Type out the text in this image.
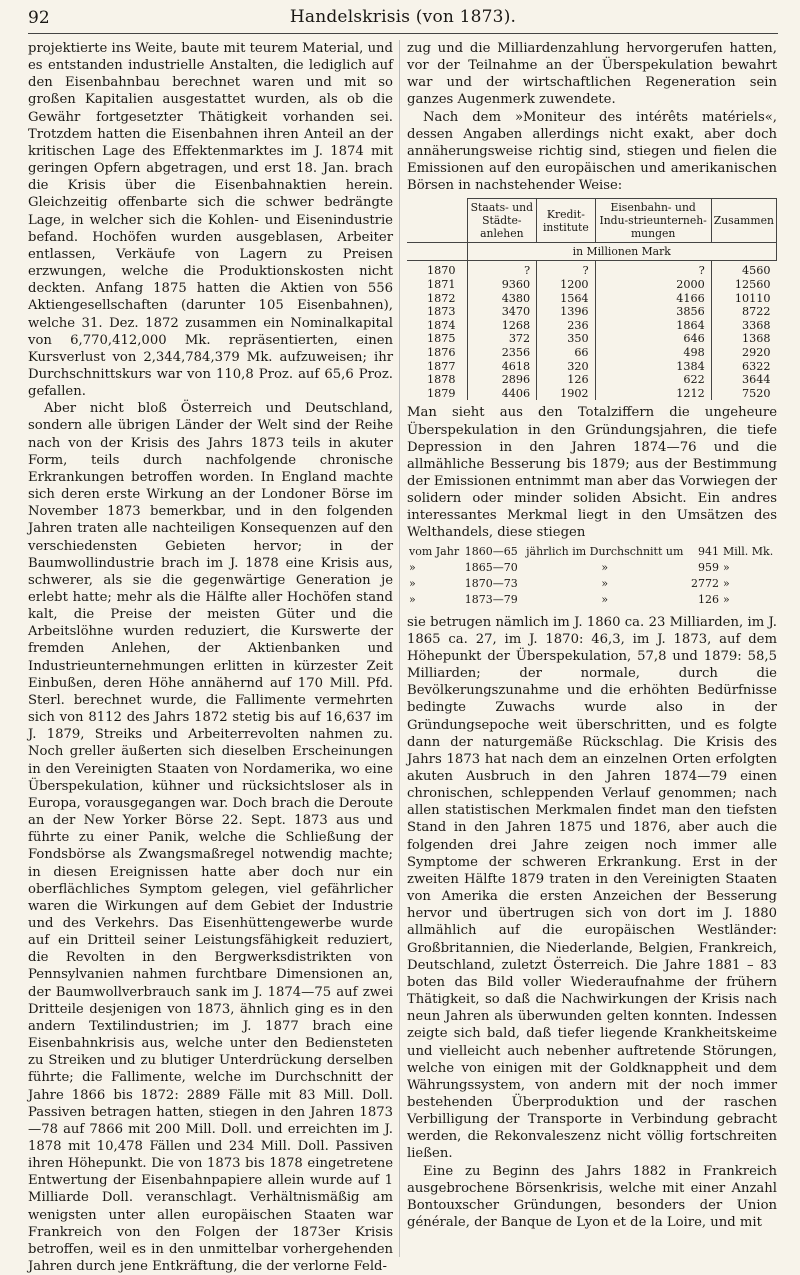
92	Handelskrisis (von 1873).

projektierte ins Weite, baute mit teurem Material, und es entstanden industrielle Anstalten, die lediglich auf den Eisenbahnbau berechnet waren und mit so großen Kapitalien ausgestattet wurden, als ob die Gewähr fortgesetzter Thätigkeit vorhanden sei. Trotzdem hatten die Eisenbahnen ihren Anteil an der kritischen Lage des Effektenmarktes im J. 1874 mit geringen Opfern abgetragen, und erst 18. Jan. brach die Krisis über die Eisenbahnaktien herein. Gleichzeitig offenbarte sich die schwer bedrängte Lage, in welcher sich die Kohlen- und Eisenindustrie befand. Hochöfen wurden ausgeblasen, Arbeiter entlassen, Verkäufe von Lagern zu Preisen erzwungen, welche die Produktionskosten nicht deckten. Anfang 1875 hatten die Aktien von 556 Aktiengesellschaften (darunter 105 Eisenbahnen), welche 31. Dez. 1872 zusammen ein Nominalkapital von 6,770,412,000 Mk. repräsentierten, einen Kursverlust von 2,344,784,379 Mk. aufzuweisen; ihr Durchschnittskurs war von 110,8 Proz. auf 65,6 Proz. gefallen.

Aber nicht bloß Österreich und Deutschland, sondern alle übrigen Länder der Welt sind der Reihe nach von der Krisis des Jahrs 1873 teils in akuter Form, teils durch nachfolgende chronische Erkrankungen betroffen worden. In England machte sich deren erste Wirkung an der Londoner Börse im November 1873 bemerkbar, und in den folgenden Jahren traten alle nachteiligen Konsequenzen auf den verschiedensten Gebieten hervor; in der Baumwollindustrie brach im J. 1878 eine Krisis aus, schwerer, als sie die gegenwärtige Generation je erlebt hatte; mehr als die Hälfte aller Hochöfen stand kalt, die Preise der meisten Güter und die Arbeitslöhne wurden reduziert, die Kurswerte der fremden Anlehen, der Aktienbanken und Industrieunternehmungen erlitten in kürzester Zeit Einbußen, deren Höhe annähernd auf 170 Mill. Pfd. Sterl. berechnet wurde, die Fallimente vermehrten sich von 8112 des Jahrs 1872 stetig bis auf 16,637 im J. 1879, Streiks und Arbeiterrevolten nahmen zu. Noch greller äußerten sich dieselben Erscheinungen in den Vereinigten Staaten von Nordamerika, wo eine Überspekulation, kühner und rücksichtsloser als in Europa, vorausgegangen war. Doch brach die Deroute an der New Yorker Börse 22. Sept. 1873 aus und führte zu einer Panik, welche die Schließung der Fondsbörse als Zwangsmaßregel notwendig machte; in diesen Ereignissen hatte aber doch nur ein oberflächliches Symptom gelegen, viel gefährlicher waren die Wirkungen auf dem Gebiet der Industrie und des Verkehrs. Das Eisenhüttengewerbe wurde auf ein Dritteil seiner Leistungsfähigkeit reduziert, die Revolten in den Bergwerksdistrikten von Pennsylvanien nahmen furchtbare Dimensionen an, der Baumwollverbrauch sank im J. 1874—75 auf zwei Dritteile desjenigen von 1873, ähnlich ging es in den andern Textilindustrien; im J. 1877 brach eine Eisenbahnkrisis aus, welche unter den Bediensteten zu Streiken und zu blutiger Unterdrückung derselben führte; die Fallimente, welche im Durchschnitt der Jahre 1866 bis 1872: 2889 Fälle mit 83 Mill. Doll. Passiven betragen hatten, stiegen in den Jahren 1873—78 auf 7866 mit 200 Mill. Doll. und erreichten im J. 1878 mit 10,478 Fällen und 234 Mill. Doll. Passiven ihren Höhepunkt. Die von 1873 bis 1878 eingetretene Entwertung der Eisenbahnpapiere allein wurde auf 1 Milliarde Doll. veranschlagt. Verhältnismäßig am wenigsten unter allen europäischen Staaten war Frankreich von den Folgen der 1873er Krisis betroffen, weil es in den unmittelbar vorhergehenden Jahren durch jene Entkräftung, die der verlorne Feld-

zug und die Milliardenzahlung hervorgerufen hatten, vor der Teilnahme an der Überspekulation bewahrt war und der wirtschaftlichen Regeneration sein ganzes Augenmerk zuwendete.

Nach dem »Moniteur des intérêts matériels«, dessen Angaben allerdings nicht exakt, aber doch annäherungsweise richtig sind, stiegen und fielen die Emissionen auf den europäischen und amerikanischen Börsen in nachstehender Weise:

	Staats- und Städte-anlehen	Kredit-institute	Eisenbahn- und Indu-strieunterneh-mungen	Zusammen
	in Millionen Mark			
1870	?	?	?	4560
1871	9360	1200	2000	12560
1872	4380	1564	4166	10110
1873	3470	1396	3856	8722
1874	1268	236	1864	3368
1875	372	350	646	1368
1876	2356	66	498	2920
1877	4618	320	1384	6322
1878	2896	126	622	3644
1879	4406	1902	1212	7520

Man sieht aus den Totalziffern die ungeheure Überspekulation in den Gründungsjahren, die tiefe Depression in den Jahren 1874—76 und die allmähliche Besserung bis 1879; aus der Bestimmung der Emissionen entnimmt man aber das Vorwiegen der solidern oder minder soliden Absicht. Ein andres interessantes Merkmal liegt in den Umsätzen des Welthandels, diese stiegen

vom Jahr	1860—65	jährlich im Durchschnitt um	941	Mill. Mk.
»	1865—70	»	959	»
»	1870—73	»	2772	»
»	1873—79	»	126	»

sie betrugen nämlich im J. 1860 ca. 23 Milliarden, im J. 1865 ca. 27, im J. 1870: 46,3, im J. 1873, auf dem Höhepunkt der Überspekulation, 57,8 und 1879: 58,5 Milliarden; der normale, durch die Bevölkerungszunahme und die erhöhten Bedürfnisse bedingte Zuwachs wurde also in der Gründungsepoche weit überschritten, und es folgte dann der naturgemäße Rückschlag. Die Krisis des Jahrs 1873 hat nach dem an einzelnen Orten erfolgten akuten Ausbruch in den Jahren 1874—79 einen chronischen, schleppenden Verlauf genommen; nach allen statistischen Merkmalen findet man den tiefsten Stand in den Jahren 1875 und 1876, aber auch die folgenden drei Jahre zeigen noch immer alle Symptome der schweren Erkrankung. Erst in der zweiten Hälfte 1879 traten in den Vereinigten Staaten von Amerika die ersten Anzeichen der Besserung hervor und übertrugen sich von dort im J. 1880 allmählich auf die europäischen Westländer: Großbritannien, die Niederlande, Belgien, Frankreich, Deutschland, zuletzt Österreich. Die Jahre 1881 – 83 boten das Bild voller Wiederaufnahme der frühern Thätigkeit, so daß die Nachwirkungen der Krisis nach neun Jahren als überwunden gelten konnten. Indessen zeigte sich bald, daß tiefer liegende Krankheitskeime und vielleicht auch nebenher auftretende Störungen, welche von einigen mit der Goldknappheit und dem Währungssystem, von andern mit der noch immer bestehenden Überproduktion und der raschen Verbilligung der Transporte in Verbindung gebracht werden, die Rekonvaleszenz nicht völlig fortschreiten ließen.

Eine zu Beginn des Jahrs 1882 in Frankreich ausgebrochene Börsenkrisis, welche mit einer Anzahl Bontouxscher Gründungen, besonders der Union générale, der Banque de Lyon et de la Loire, und mit
